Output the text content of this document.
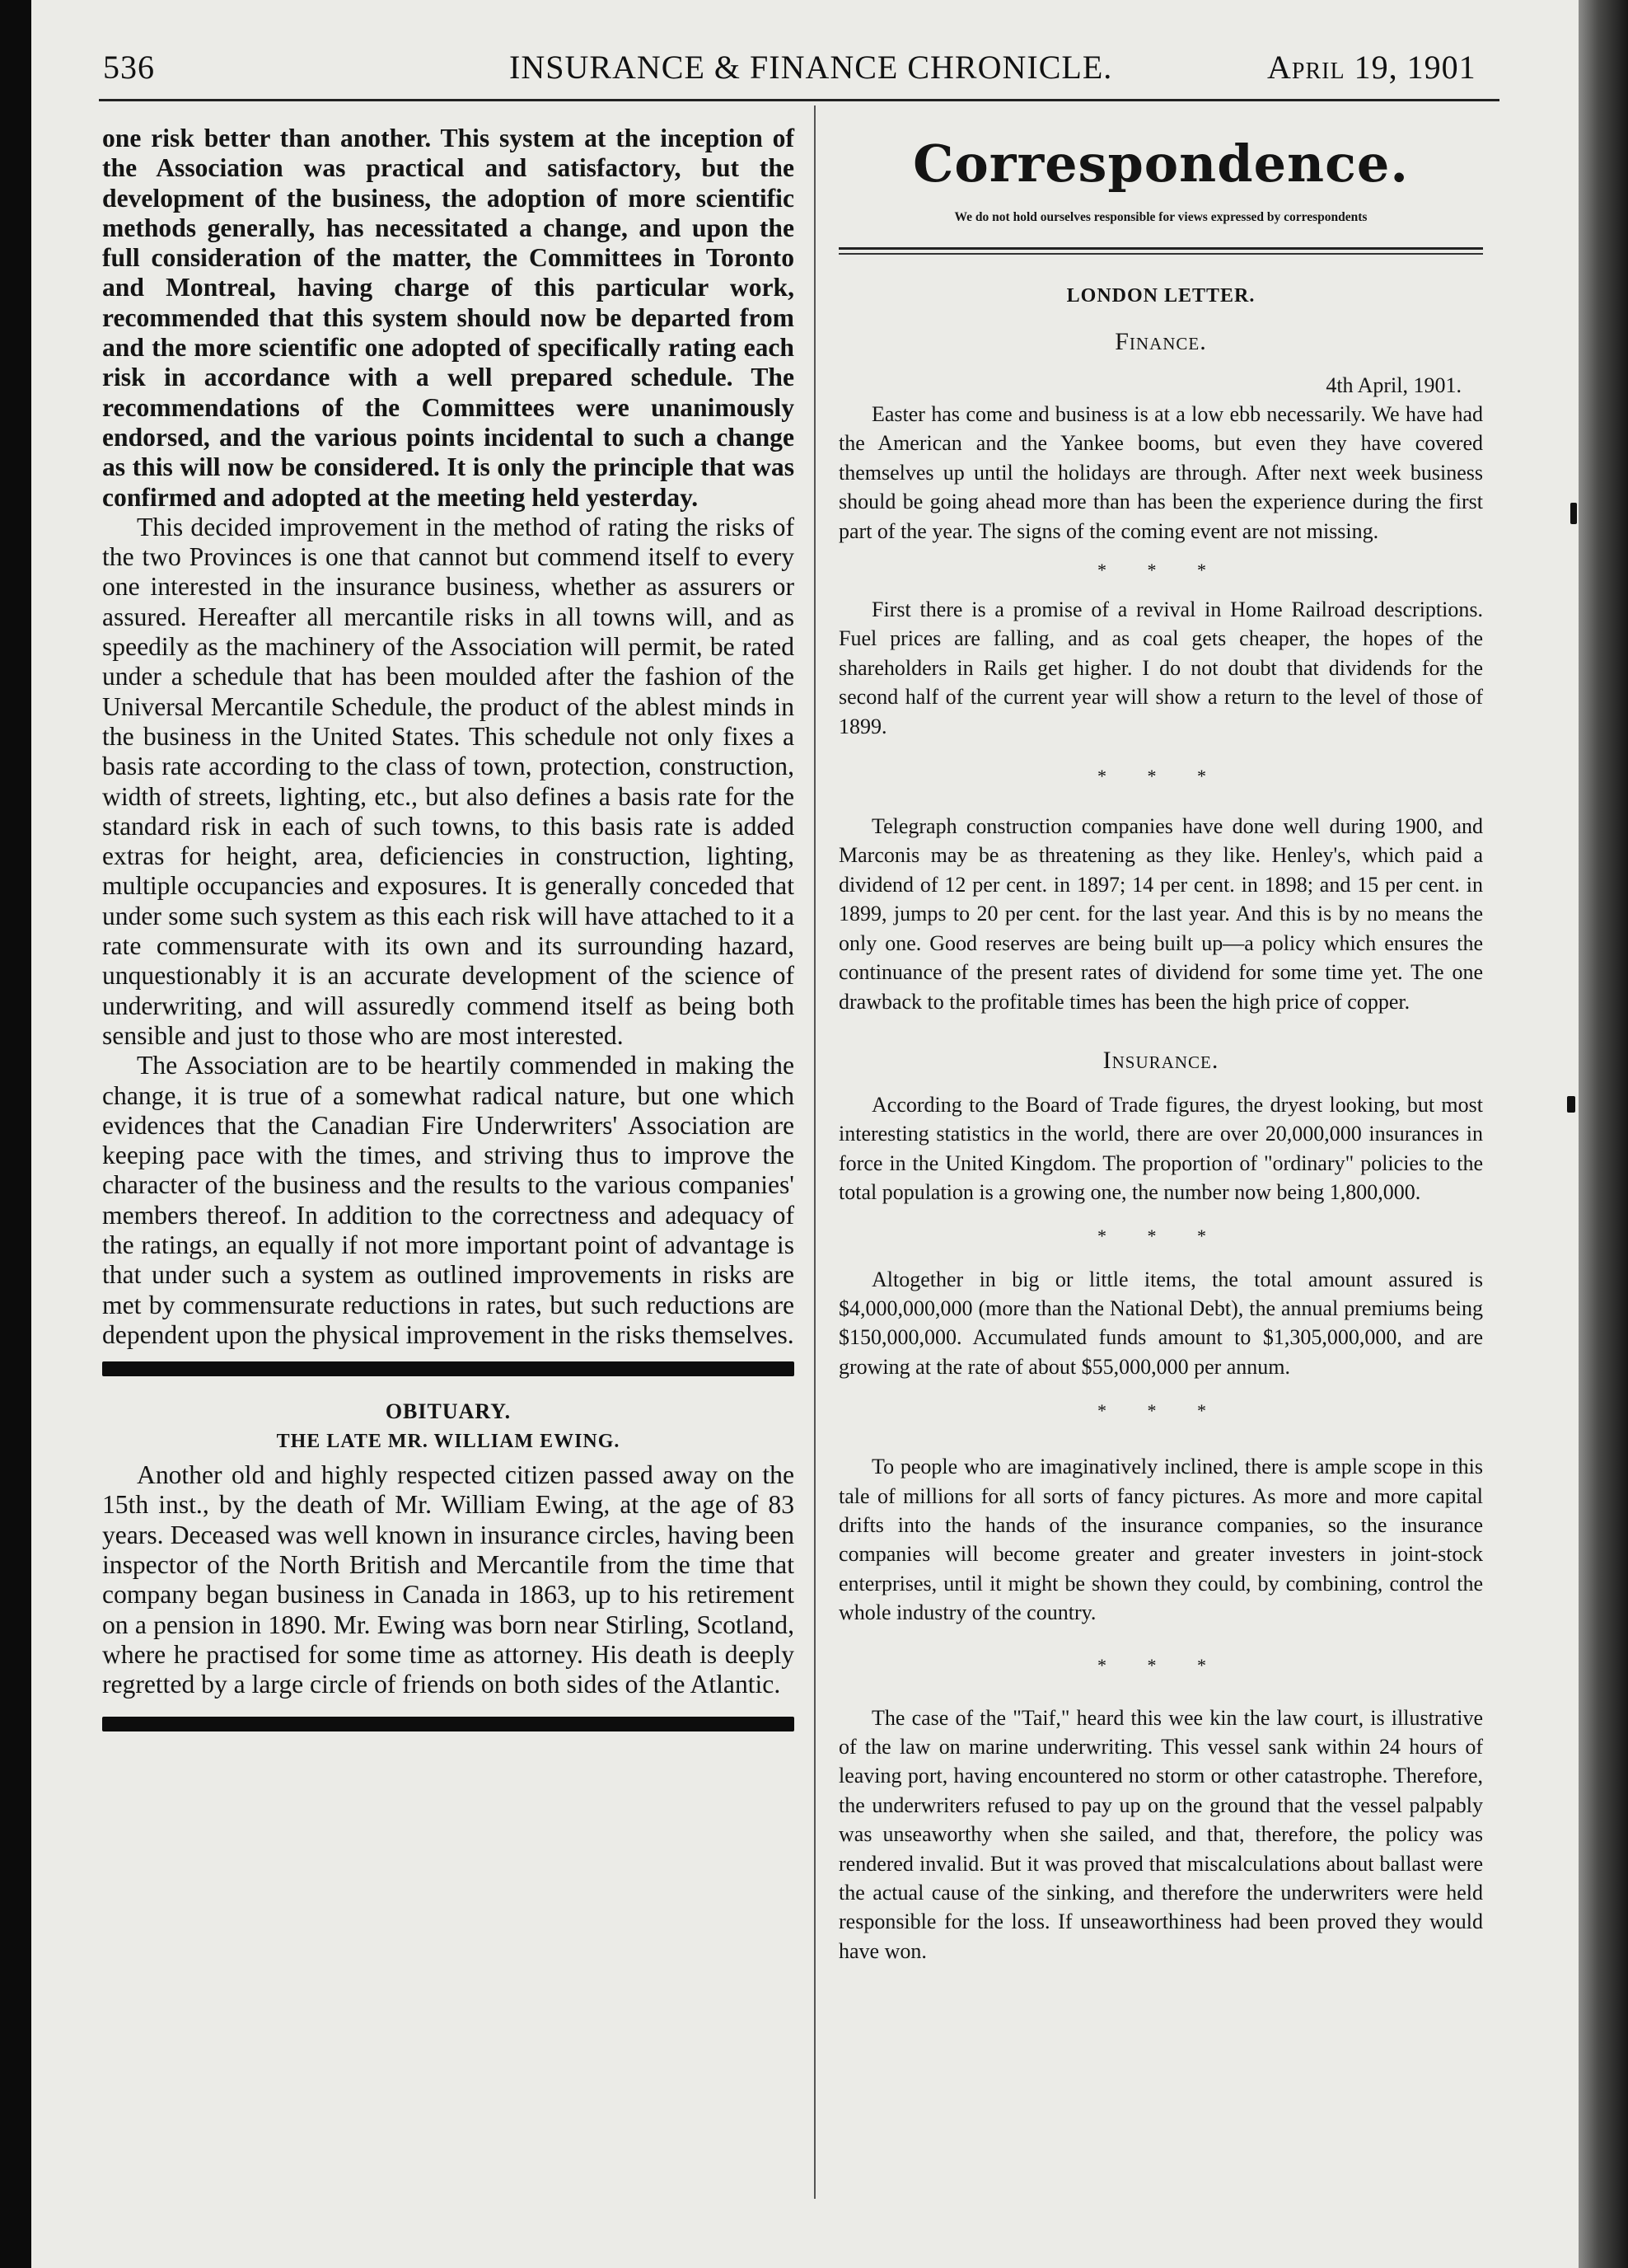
536	INSURANCE & FINANCE CHRONICLE.	April 19, 1901

one risk better than another. This system at the inception of the Association was practical and satisfactory, but the development of the business, the adoption of more scientific methods generally, has necessitated a change, and upon the full consideration of the matter, the Committees in Toronto and Montreal, having charge of this particular work, recommended that this system should now be departed from and the more scientific one adopted of specifically rating each risk in accordance with a well prepared schedule. The recommendations of the Committees were unanimously endorsed, and the various points incidental to such a change as this will now be considered. It is only the principle that was confirmed and adopted at the meeting held yesterday.

This decided improvement in the method of rating the risks of the two Provinces is one that cannot but commend itself to every one interested in the insurance business, whether as assurers or assured. Hereafter all mercantile risks in all towns will, and as speedily as the machinery of the Association will permit, be rated under a schedule that has been moulded after the fashion of the Universal Mercantile Schedule, the product of the ablest minds in the business in the United States. This schedule not only fixes a basis rate according to the class of town, protection, construction, width of streets, lighting, etc., but also defines a basis rate for the standard risk in each of such towns, to this basis rate is added extras for height, area, deficiencies in construction, lighting, multiple occupancies and exposures. It is generally conceded that under some such system as this each risk will have attached to it a rate commensurate with its own and its surrounding hazard, unquestionably it is an accurate development of the science of underwriting, and will assuredly commend itself as being both sensible and just to those who are most interested.

The Association are to be heartily commended in making the change, it is true of a somewhat radical nature, but one which evidences that the Canadian Fire Underwriters' Association are keeping pace with the times, and striving thus to improve the character of the business and the results to the various companies' members thereof. In addition to the correctness and adequacy of the ratings, an equally if not more important point of advantage is that under such a system as outlined improvements in risks are met by commensurate reductions in rates, but such reductions are dependent upon the physical improvement in the risks themselves.

OBITUARY.

THE LATE MR. WILLIAM EWING.

Another old and highly respected citizen passed away on the 15th inst., by the death of Mr. William Ewing, at the age of 83 years. Deceased was well known in insurance circles, having been inspector of the North British and Mercantile from the time that company began business in Canada in 1863, up to his retirement on a pension in 1890. Mr. Ewing was born near Stirling, Scotland, where he practised for some time as attorney. His death is deeply regretted by a large circle of friends on both sides of the Atlantic.

Correspondence.

We do not hold ourselves responsible for views expressed by correspondents

LONDON LETTER.

Finance.

4th April, 1901.

Easter has come and business is at a low ebb necessarily. We have had the American and the Yankee booms, but even they have covered themselves up until the holidays are through. After next week business should be going ahead more than has been the experience during the first part of the year. The signs of the coming event are not missing.

* * *

First there is a promise of a revival in Home Railroad descriptions. Fuel prices are falling, and as coal gets cheaper, the hopes of the shareholders in Rails get higher. I do not doubt that dividends for the second half of the current year will show a return to the level of those of 1899.

* * *

Telegraph construction companies have done well during 1900, and Marconis may be as threatening as they like. Henley's, which paid a dividend of 12 per cent. in 1897; 14 per cent. in 1898; and 15 per cent. in 1899, jumps to 20 per cent. for the last year. And this is by no means the only one. Good reserves are being built up—a policy which ensures the continuance of the present rates of dividend for some time yet. The one drawback to the profitable times has been the high price of copper.

Insurance.

According to the Board of Trade figures, the dryest looking, but most interesting statistics in the world, there are over 20,000,000 insurances in force in the United Kingdom. The proportion of "ordinary" policies to the total population is a growing one, the number now being 1,800,000.

* * *

Altogether in big or little items, the total amount assured is $4,000,000,000 (more than the National Debt), the annual premiums being $150,000,000. Accumulated funds amount to $1,305,000,000, and are growing at the rate of about $55,000,000 per annum.

* * *

To people who are imaginatively inclined, there is ample scope in this tale of millions for all sorts of fancy pictures. As more and more capital drifts into the hands of the insurance companies, so the insurance companies will become greater and greater investers in joint-stock enterprises, until it might be shown they could, by combining, control the whole industry of the country.

* * *

The case of the "Taif," heard this wee kin the law court, is illustrative of the law on marine underwriting. This vessel sank within 24 hours of leaving port, having encountered no storm or other catastrophe. Therefore, the underwriters refused to pay up on the ground that the vessel palpably was unseaworthy when she sailed, and that, therefore, the policy was rendered invalid. But it was proved that miscalculations about ballast were the actual cause of the sinking, and therefore the underwriters were held responsible for the loss. If unseaworthiness had been proved they would have won.
